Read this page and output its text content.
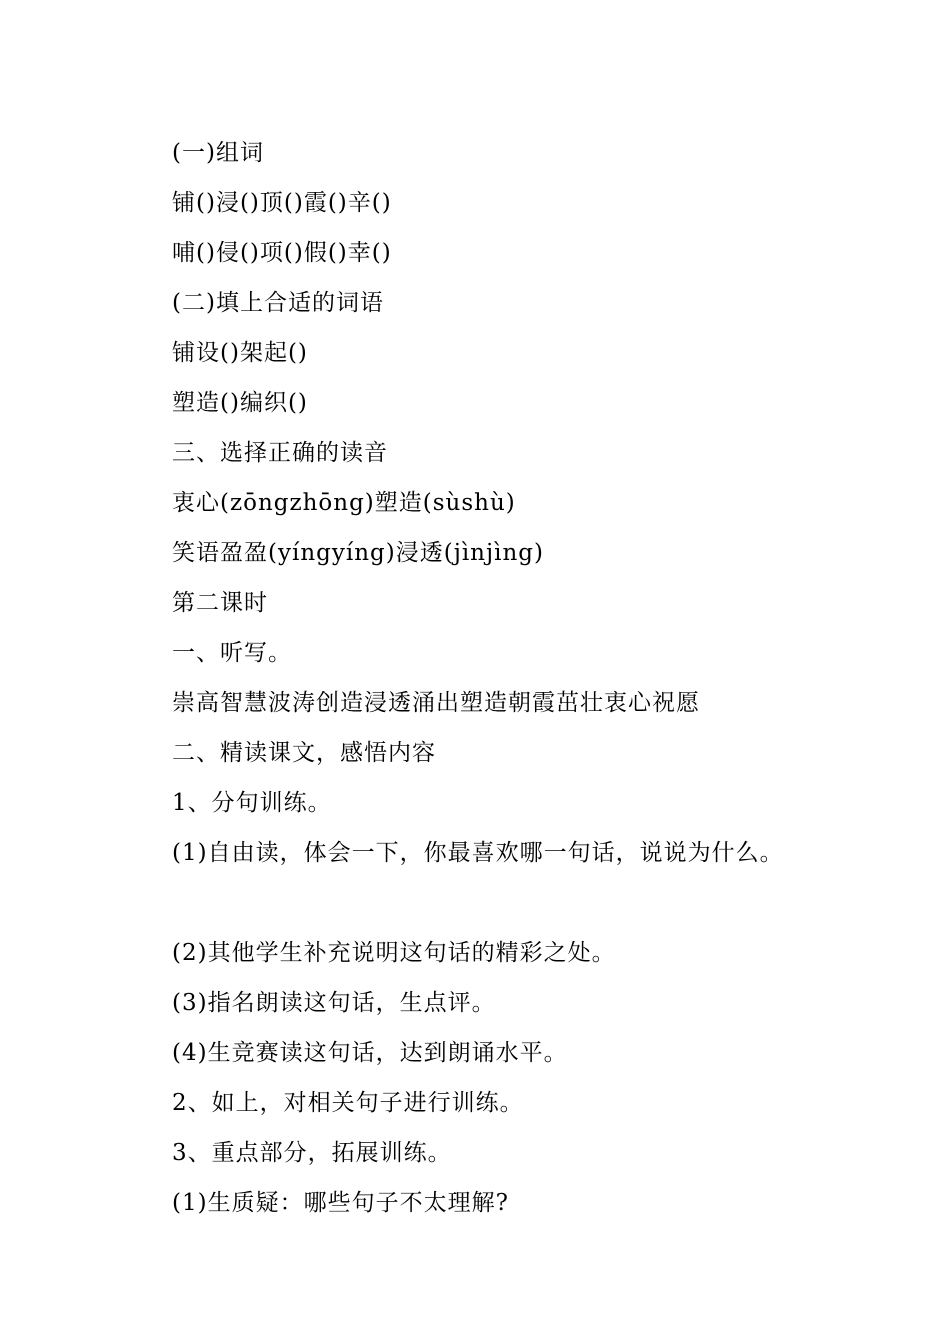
(一)组词
铺()浸()顶()霞()辛()
哺()侵()项()假()幸()
(二)填上合适的词语
铺设()架起()
塑造()编织()
三、选择正确的读音
衷心(zōngzhōng)塑造(sùshù)
笑语盈盈(yíngyíng)浸透(jìnjìng)
第二课时
一、听写。
崇高智慧波涛创造浸透涌出塑造朝霞茁壮衷心祝愿
二、精读课文，感悟内容
1、分句训练。
(1)自由读，体会一下，你最喜欢哪一句话，说说为什么。
(2)其他学生补充说明这句话的精彩之处。
(3)指名朗读这句话，生点评。
(4)生竞赛读这句话，达到朗诵水平。
2、如上，对相关句子进行训练。
3、重点部分，拓展训练。
(1)生质疑：哪些句子不太理解?
